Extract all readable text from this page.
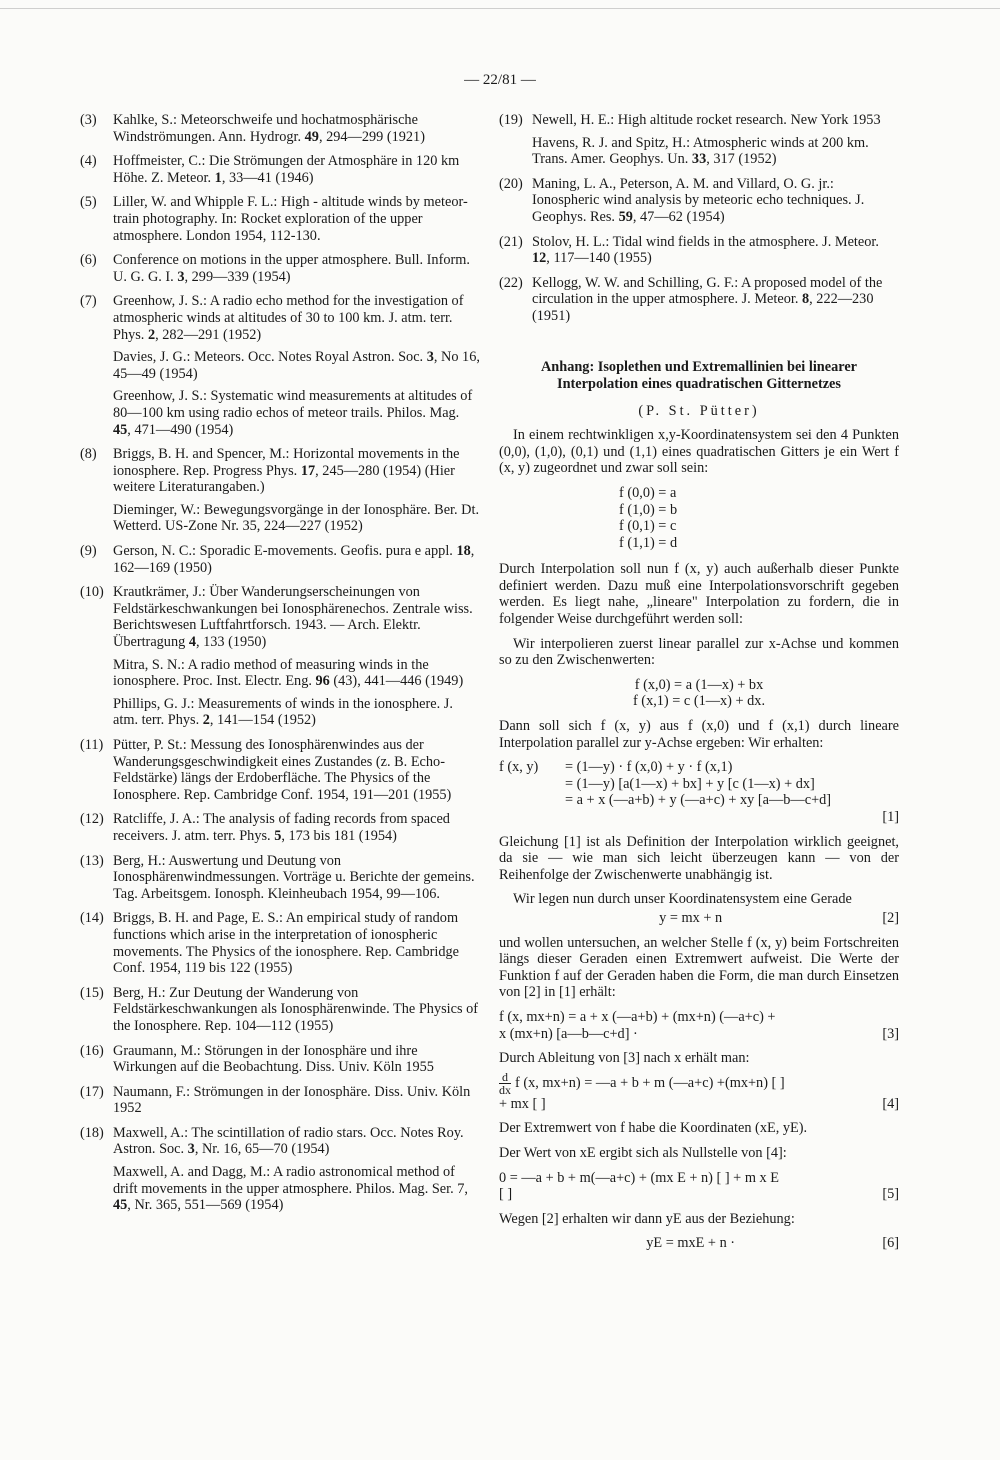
— 22/81 —
(3)	Kahlke, S.: Meteorschweife und hochatmosphärische Windströmungen. Ann. Hydrogr. 49, 294—299 (1921)
(4)	Hoffmeister, C.: Die Strömungen der Atmosphäre in 120 km Höhe. Z. Meteor. 1, 33—41 (1946)
(5)	Liller, W. and Whipple F. L.: High - altitude winds by meteor-train photography. In: Rocket exploration of the upper atmosphere. London 1954, 112-130.
(6)	Conference on motions in the upper atmosphere. Bull. Inform. U. G. G. I. 3, 299—339 (1954)
(7)	Greenhow, J. S.: A radio echo method for the investigation of atmospheric winds at altitudes of 30 to 100 km. J. atm. terr. Phys. 2, 282—291 (1952)
Davies, J. G.: Meteors. Occ. Notes Royal Astron. Soc. 3, No 16, 45—49 (1954)
Greenhow, J. S.: Systematic wind measurements at altitudes of 80—100 km using radio echos of meteor trails. Philos. Mag. 45, 471—490 (1954)
(8)	Briggs, B. H. and Spencer, M.: Horizontal movements in the ionosphere. Rep. Progress Phys. 17, 245—280 (1954) (Hier weitere Literaturangaben.)
Dieminger, W.: Bewegungsvorgänge in der Ionosphäre. Ber. Dt. Wetterd. US-Zone Nr. 35, 224—227 (1952)
(9)	Gerson, N. C.: Sporadic E-movements. Geofis. pura e appl. 18, 162—169 (1950)
(10) Krautkrämer, J.: Über Wanderungserscheinungen von Feldstärkeschwankungen bei Ionosphärenechos. Zentrale wiss. Berichtswesen Luftfahrtforsch. 1943. — Arch. Elektr. Übertragung 4, 133 (1950)
Mitra, S. N.: A radio method of measuring winds in the ionosphere. Proc. Inst. Electr. Eng. 96 (43), 441—446 (1949)
Phillips, G. J.: Measurements of winds in the ionosphere. J. atm. terr. Phys. 2, 141—154 (1952)
(11) Pütter, P. St.: Messung des Ionosphärenwindes aus der Wanderungsgeschwindigkeit eines Zustandes (z. B. Echo-Feldstärke) längs der Erdoberfläche. The Physics of the Ionosphere. Rep. Cambridge Conf. 1954, 191—201 (1955)
(12) Ratcliffe, J. A.: The analysis of fading records from spaced receivers. J. atm. terr. Phys. 5, 173 bis 181 (1954)
(13) Berg, H.: Auswertung und Deutung von Ionosphärenwindmessungen. Vorträge u. Berichte der gemeins. Tag. Arbeitsgem. Ionosph. Kleinheubach 1954, 99—106.
(14) Briggs, B. H. and Page, E. S.: An empirical study of random functions which arise in the interpretation of ionospheric movements. The Physics of the ionosphere. Rep. Cambridge Conf. 1954, 119 bis 122 (1955)
(15) Berg, H.: Zur Deutung der Wanderung von Feldstärkeschwankungen als Ionosphärenwinde. The Physics of the Ionosphere. Rep. 104—112 (1955)
(16) Graumann, M.: Störungen in der Ionosphäre und ihre Wirkungen auf die Beobachtung. Diss. Univ. Köln 1955
(17) Naumann, F.: Strömungen in der Ionosphäre. Diss. Univ. Köln 1952
(18) Maxwell, A.: The scintillation of radio stars. Occ. Notes Roy. Astron. Soc. 3, Nr. 16, 65—70 (1954)
Maxwell, A. and Dagg, M.: A radio astronomical method of drift movements in the upper atmosphere. Philos. Mag. Ser. 7, 45, Nr. 365, 551—569 (1954)
(19) Newell, H. E.: High altitude rocket research. New York 1953
Havens, R. J. and Spitz, H.: Atmospheric winds at 200 km. Trans. Amer. Geophys. Un. 33, 317 (1952)
(20) Maning, L. A., Peterson, A. M. and Villard, O. G. jr.: Ionospheric wind analysis by meteoric echo techniques. J. Geophys. Res. 59, 47—62 (1954)
(21) Stolov, H. L.: Tidal wind fields in the atmosphere. J. Meteor. 12, 117—140 (1955)
(22) Kellogg, W. W. and Schilling, G. F.: A proposed model of the circulation in the upper atmosphere. J. Meteor. 8, 222—230 (1951)
Anhang: Isoplethen und Extremallinien bei linearer
Interpolation eines quadratischen Gitternetzes
(P. St. Pütter)

In einem rechtwinkligen x,y-Koordinatensystem sei den 4 Punkten (0,0), (1,0), (0,1) und (1,1) eines quadratischen Gitters je ein Wert f (x, y) zugeordnet und zwar soll sein:

f (0,0) = a
f (1,0) = b
f (0,1) = c
f (1,1) = d

Durch Interpolation soll nun f (x, y) auch außerhalb dieser Punkte definiert werden. Dazu muß eine Interpolationsvorschrift gegeben werden. Es liegt nahe, „lineare" Interpolation zu fordern, die in folgender Weise durchgeführt werden soll:

Wir interpolieren zuerst linear parallel zur x-Achse und kommen so zu den Zwischenwerten:

f (x,0) = a (1—x) + bx
f (x,1) = c (1—x) + dx.

Dann soll sich f (x, y) aus f (x,0) und f (x,1) durch lineare Interpolation parallel zur y-Achse ergeben: Wir erhalten:

f (x, y)	= (1—y) · f (x,0) + y · f (x,1)
= (1—y) [a(1—x) + bx] + y [c (1—x) + dx]
= a + x (—a+b) + y (—a+c) + xy [a—b—c+d]
[1]

Gleichung [1] ist als Definition der Interpolation wirklich geeignet, da sie — wie man sich leicht überzeugen kann — von der Reihenfolge der Zwischenwerte unabhängig ist.

Wir legen nun durch unser Koordinatensystem eine Gerade

y = mx + n	[2]

und wollen untersuchen, an welcher Stelle f (x, y) beim Fortschreiten längs dieser Geraden einen Extremwert aufweist. Die Werte der Funktion f auf der Geraden haben die Form, die man durch Einsetzen von [2] in [1] erhält:

f (x, mx+n) = a + x (—a+b) + (mx+n) (—a+c) +
x (mx+n) [a—b—c+d] ·	[3]

Durch Ableitung von [3] nach x erhält man:

$\frac{d}{dx}$ f (x, mx+n) = —a + b + m (—a+c) +(mx+n) [ ]
+ mx [ ]	[4]

Der Extremwert von f habe die Koordinaten (xE, yE).

Der Wert von xE ergibt sich als Nullstelle von [4]:

0 = —a + b + m(—a+c) + (mx E + n) [ ] + m x E
[ ]	[5]

Wegen [2] erhalten wir dann yE aus der Beziehung:

yE = mxE + n ·	[6]
